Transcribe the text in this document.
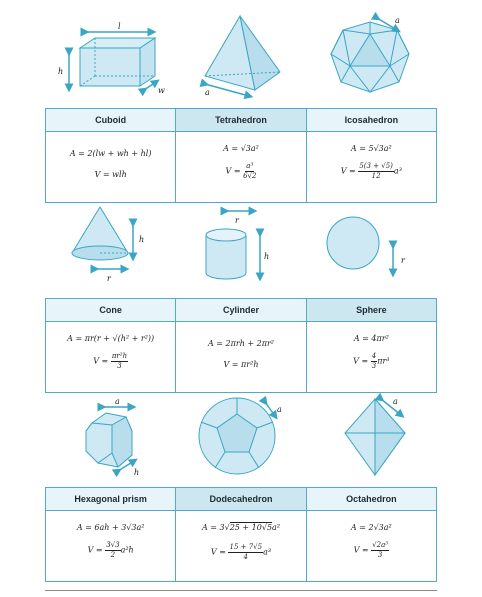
l
h
w	a
a
Cuboid	Tetrahedron	Icosahedron
A = 2(lw + wh + hl)
V = wlh
A = √3a²
$V = \frac{\text{a³}}{6√2}$
A = 5√3a²
$V = \frac{5(3 + √5)}{12} a^3$
h
r
r
h	r
Cone	Cylinder	Sphere
A = πr(r + √(h² + r²))
$V = \frac{\text{πr²h}}{3}$
A = 2πrh + 2πr²
V = πr²h
A = 4πr²
$V = \frac{4}{3} \pi r^3$
a
h
a
a
Hexagonal prism	Dodecahedron	Octahedron
A = 6ah + 3√3a²
$V = \frac{3√3}{2} a^2h$
A = 3√25 + 10√5a²
$V = \frac{15 + 7√5}{4} a^3$
A = 2√3a²
$V = \frac{\text{√2a³}}{3}$
